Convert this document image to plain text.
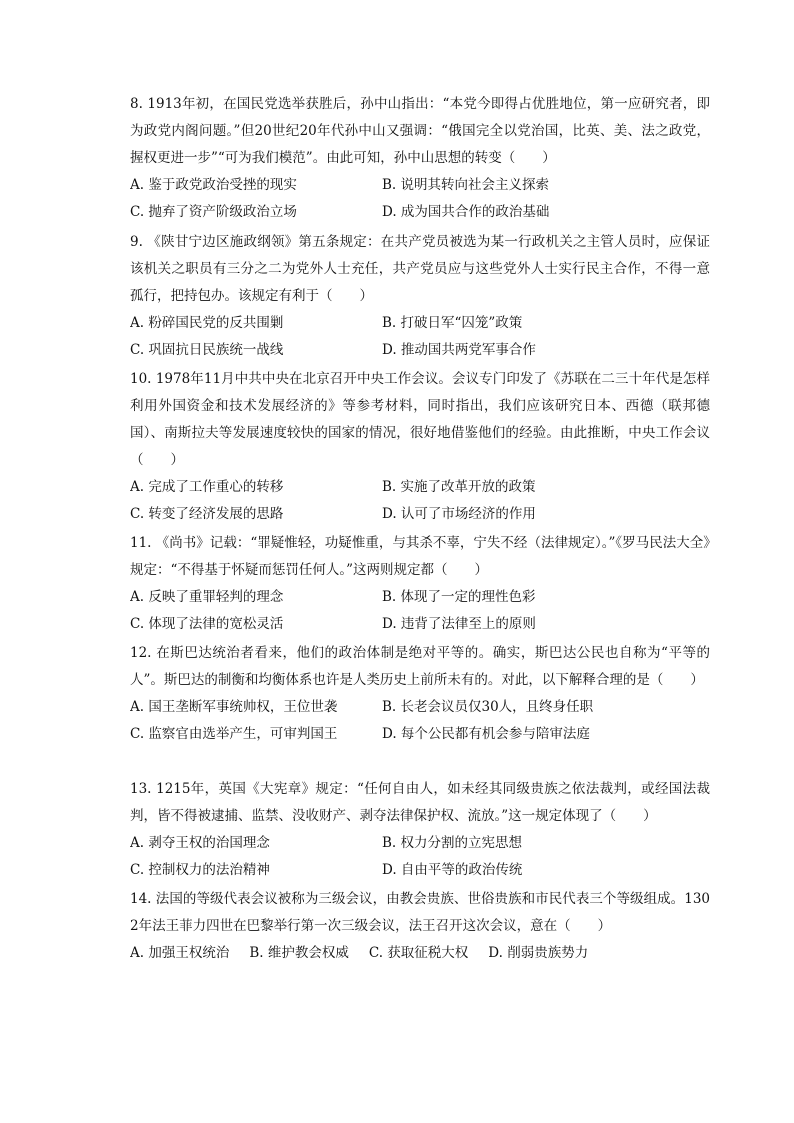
8. 1913年初，在国民党选举获胜后，孙中山指出：“本党今即得占优胜地位，第一应研究者，即为政党内阁问题。”但20世纪20年代孙中山又强调：“俄国完全以党治国，比英、美、法之政党，握权更进一步”“可为我们模范”。由此可知，孙中山思想的转变（　　）

A. 鉴于政党政治受挫的现实	B. 说明其转向社会主义探索
C. 抛弃了资产阶级政治立场	D. 成为国共合作的政治基础

9. 《陕甘宁边区施政纲领》第五条规定：在共产党员被选为某一行政机关之主管人员时，应保证该机关之职员有三分之二为党外人士充任，共产党员应与这些党外人士实行民主合作，不得一意孤行，把持包办。该规定有利于（　　）

A. 粉碎国民党的反共围剿	B. 打破日军“囚笼”政策
C. 巩固抗日民族统一战线	D. 推动国共两党军事合作

10. 1978年11月中共中央在北京召开中央工作会议。会议专门印发了《苏联在二三十年代是怎样利用外国资金和技术发展经济的》等参考材料，同时指出，我们应该研究日本、西德（联邦德国）、南斯拉夫等发展速度较快的国家的情况，很好地借鉴他们的经验。由此推断，中央工作会议（　　）

A. 完成了工作重心的转移	B. 实施了改革开放的政策
C. 转变了经济发展的思路	D. 认可了市场经济的作用

11. 《尚书》记载：“罪疑惟轻，功疑惟重，与其杀不辜，宁失不经（法律规定）。”《罗马民法大全》规定：“不得基于怀疑而惩罚任何人。”这两则规定都（　　）

A. 反映了重罪轻判的理念	B. 体现了一定的理性色彩
C. 体现了法律的宽松灵活	D. 违背了法律至上的原则

12. 在斯巴达统治者看来，他们的政治体制是绝对平等的。确实，斯巴达公民也自称为“平等的人”。斯巴达的制衡和均衡体系也许是人类历史上前所未有的。对此，以下解释合理的是（　　）

A. 国王垄断军事统帅权，王位世袭	B. 长老会议员仅30人，且终身任职
C. 监察官由选举产生，可审判国王	D. 每个公民都有机会参与陪审法庭

13. 1215年，英国《大宪章》规定：“任何自由人，如未经其同级贵族之依法裁判，或经国法裁判，皆不得被逮捕、监禁、没收财产、剥夺法律保护权、流放。”这一规定体现了（　　）

A. 剥夺王权的治国理念	B. 权力分割的立宪思想
C. 控制权力的法治精神	D. 自由平等的政治传统

14. 法国的等级代表会议被称为三级会议，由教会贵族、世俗贵族和市民代表三个等级组成。1302年法王菲力四世在巴黎举行第一次三级会议，法王召开这次会议，意在（　　）

A. 加强王权统治 B. 维护教会权威 C. 获取征税大权 D. 削弱贵族势力
